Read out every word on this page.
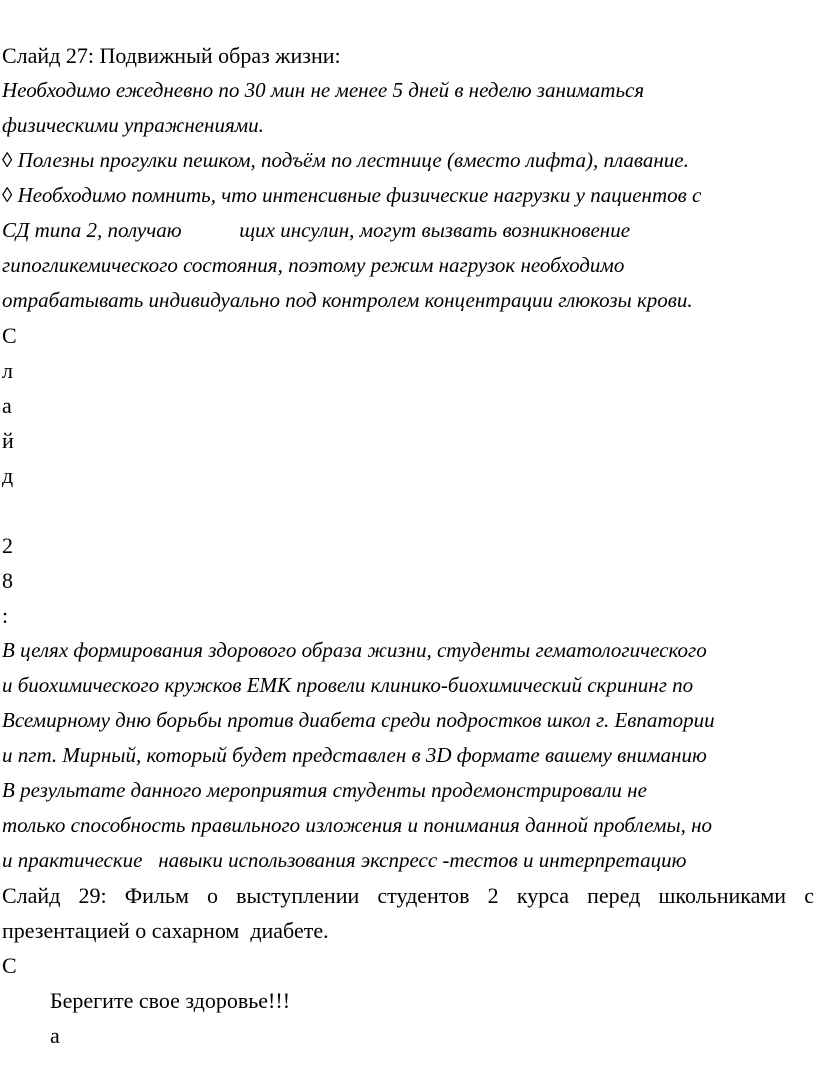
Слайд 27: Подвижный образ жизни:
Необходимо ежедневно по 30 мин не менее 5 дней в неделю заниматься
физическими упражнениями.
◊ Полезны прогулки пешком, подъём по лестнице (вместо лифта), плавание.
◊ Необходимо помнить, что интенсивные физические нагрузки у пациентов с
СД типа 2, получаю           щих инсулин, могут вызвать возникновение
гипогликемического состояния, поэтому режим нагрузок необходимо
отрабатывать индивидуально под контролем концентрации глюкозы крови.
С
л
а
й
д
2
8
:
В целях формирования здорового образа жизни, студенты гематологического
и биохимического кружков ЕМК провели клинико-биохимический скрининг по
Всемирному дню борьбы против диабета среди подростков школ г. Евпатории
и пгт. Мирный, который будет представлен в 3D формате вашему вниманию
В результате данного мероприятия студенты продемонстрировали не
только способность правильного изложения и понимания данной проблемы, но
и практические   навыки использования экспресс -тестов и интерпретацию
Слайд 29: Фильм о выступлении студентов 2 курса перед школьниками с
презентацией о сахарном  диабете.
С
Берегите свое здоровье!!!
а
